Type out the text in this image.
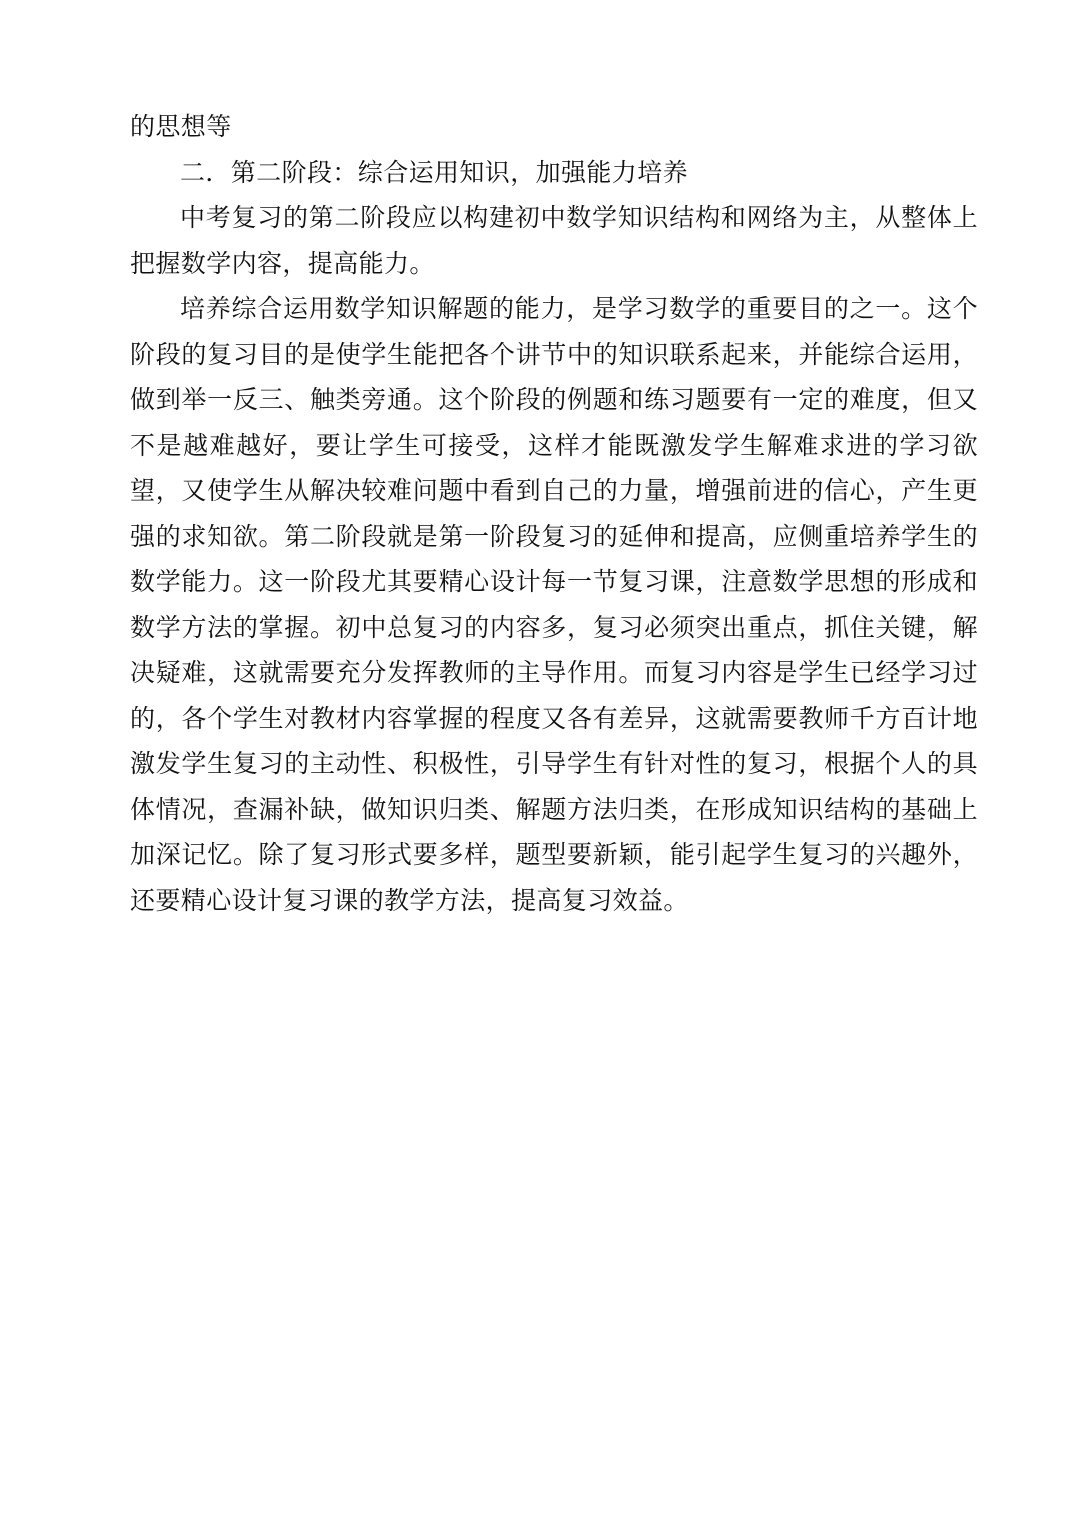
的思想等

二．第二阶段：综合运用知识，加强能力培养

中考复习的第二阶段应以构建初中数学知识结构和网络为主，从整体上把握数学内容，提高能力。

培养综合运用数学知识解题的能力，是学习数学的重要目的之一。这个阶段的复习目的是使学生能把各个讲节中的知识联系起来，并能综合运用，做到举一反三、触类旁通。这个阶段的例题和练习题要有一定的难度，但又不是越难越好，要让学生可接受，这样才能既激发学生解难求进的学习欲望，又使学生从解决较难问题中看到自己的力量，增强前进的信心，产生更强的求知欲。第二阶段就是第一阶段复习的延伸和提高，应侧重培养学生的数学能力。这一阶段尤其要精心设计每一节复习课，注意数学思想的形成和数学方法的掌握。初中总复习的内容多，复习必须突出重点，抓住关键，解决疑难，这就需要充分发挥教师的主导作用。而复习内容是学生已经学习过的，各个学生对教材内容掌握的程度又各有差异，这就需要教师千方百计地激发学生复习的主动性、积极性，引导学生有针对性的复习，根据个人的具体情况，查漏补缺，做知识归类、解题方法归类，在形成知识结构的基础上加深记忆。除了复习形式要多样，题型要新颖，能引起学生复习的兴趣外，还要精心设计复习课的教学方法，提高复习效益。
